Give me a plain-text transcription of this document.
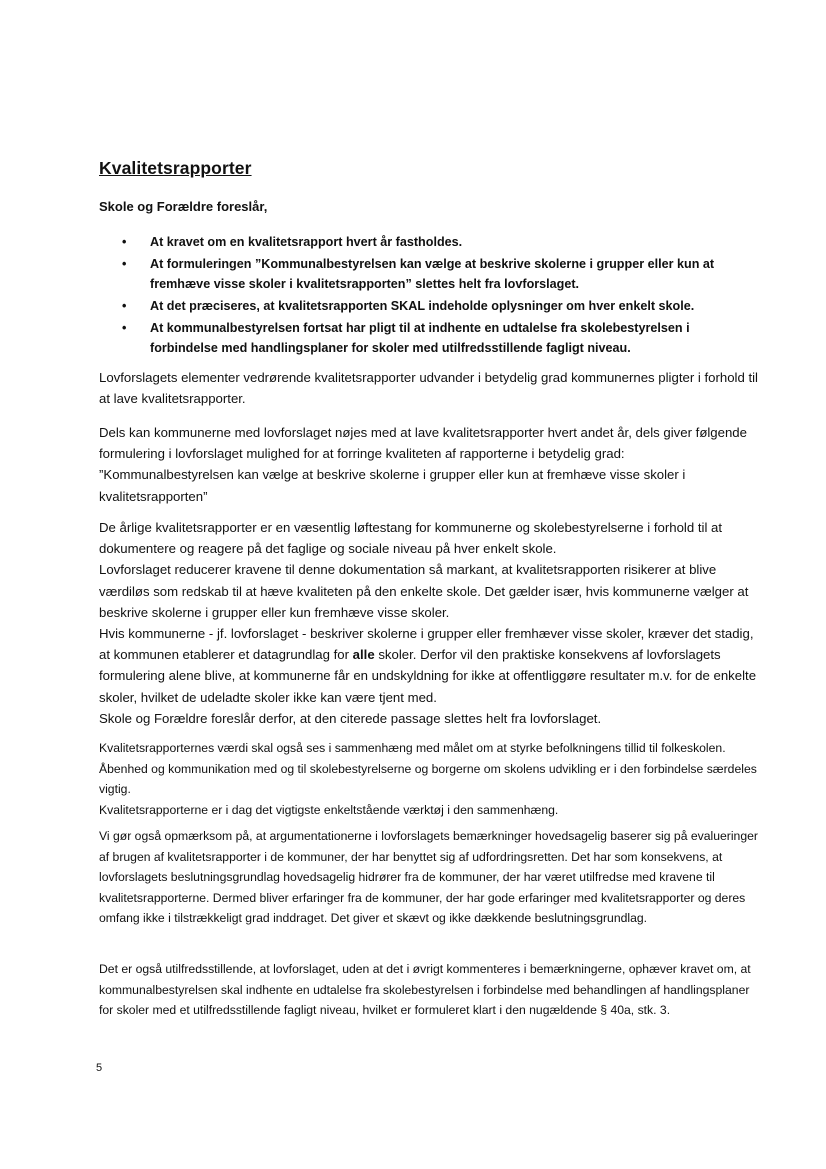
Kvalitetsrapporter

Skole og Forældre foreslår,

• At kravet om en kvalitetsrapport hvert år fastholdes.
• At formuleringen ”Kommunalbestyrelsen kan vælge at beskrive skolerne i grupper eller kun at fremhæve visse skoler i kvalitetsrapporten” slettes helt fra lovforslaget.
• At det præciseres, at kvalitetsrapporten SKAL indeholde oplysninger om hver enkelt skole.
• At kommunalbestyrelsen fortsat har pligt til at indhente en udtalelse fra skolebestyrelsen i forbindelse med handlingsplaner for skoler med utilfredsstillende fagligt niveau.

Lovforslagets elementer vedrørende kvalitetsrapporter udvander i betydelig grad kommunernes pligter i forhold til at lave kvalitetsrapporter.

Dels kan kommunerne med lovforslaget nøjes med at lave kvalitetsrapporter hvert andet år, dels giver følgende formulering i lovforslaget mulighed for at forringe kvaliteten af rapporterne i betydelig grad: ”Kommunalbestyrelsen kan vælge at beskrive skolerne i grupper eller kun at fremhæve visse skoler i kvalitetsrapporten”

De årlige kvalitetsrapporter er en væsentlig løftestang for kommunerne og skolebestyrelserne i forhold til at dokumentere og reagere på det faglige og sociale niveau på hver enkelt skole.

Lovforslaget reducerer kravene til denne dokumentation så markant, at kvalitetsrapporten risikerer at blive værdiløs som redskab til at hæve kvaliteten på den enkelte skole. Det gælder især, hvis kommunerne vælger at beskrive skolerne i grupper eller kun fremhæve visse skoler.

Hvis kommunerne - jf. lovforslaget - beskriver skolerne i grupper eller fremhæver visse skoler, kræver det stadig, at kommunen etablerer et datagrundlag for alle skoler. Derfor vil den praktiske konsekvens af lovforslagets formulering alene blive, at kommunerne får en undskyldning for ikke at offentliggøre resultater m.v. for de enkelte skoler, hvilket de udeladte skoler ikke kan være tjent med.

Skole og Forældre foreslår derfor, at den citerede passage slettes helt fra lovforslaget.

Kvalitetsrapporternes værdi skal også ses i sammenhæng med målet om at styrke befolkningens tillid til folkeskolen. Åbenhed og kommunikation med og til skolebestyrelserne og borgerne om skolens udvikling er i den forbindelse særdeles vigtig.

Kvalitetsrapporterne er i dag det vigtigste enkeltstående værktøj i den sammenhæng.

Vi gør også opmærksom på, at argumentationerne i lovforslagets bemærkninger hovedsagelig baserer sig på evalueringer af brugen af kvalitetsrapporter i de kommuner, der har benyttet sig af udfordringsretten. Det har som konsekvens, at lovforslagets beslutningsgrundlag hovedsagelig hidrører fra de kommuner, der har været utilfredse med kravene til kvalitetsrapporterne. Dermed bliver erfaringer fra de kommuner, der har gode erfaringer med kvalitetsrapporter og deres omfang ikke i tilstrækkeligt grad inddraget. Det giver et skævt og ikke dækkende beslutningsgrundlag.

Det er også utilfredsstillende, at lovforslaget, uden at det i øvrigt kommenteres i bemærkningerne, ophæver kravet om, at kommunalbestyrelsen skal indhente en udtalelse fra skolebestyrelsen i forbindelse med behandlingen af handlingsplaner for skoler med et utilfredsstillende fagligt niveau, hvilket er formuleret klart i den nugældende § 40a, stk. 3.

5
